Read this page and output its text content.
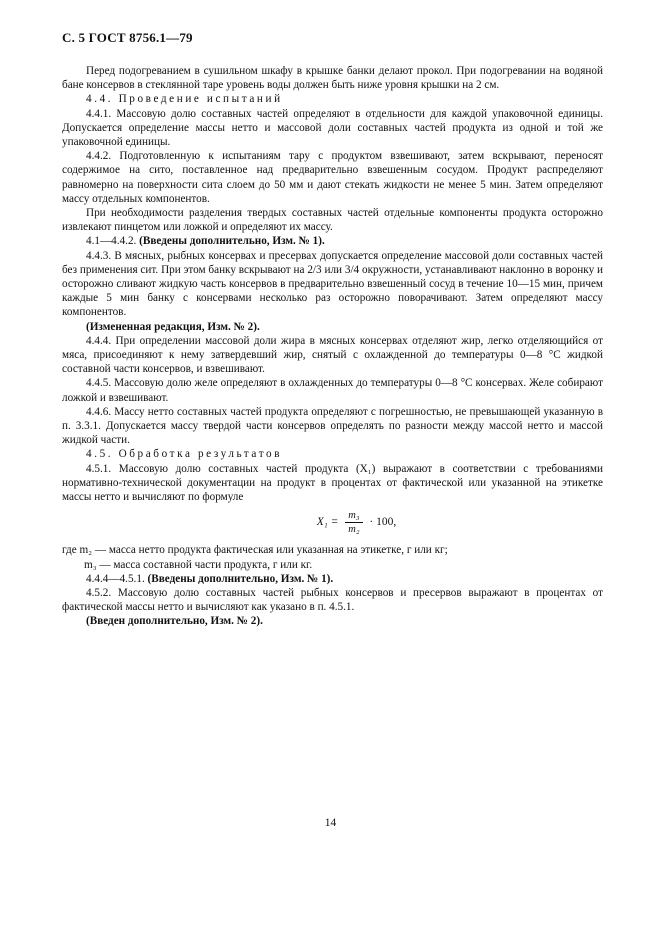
С. 5 ГОСТ 8756.1—79

Перед подогреванием в сушильном шкафу в крышке банки делают прокол. При подогревании на водяной бане консервов в стеклянной таре уровень воды должен быть ниже уровня крышки на 2 см.

4.4. Проведение испытаний

4.4.1. Массовую долю составных частей определяют в отдельности для каждой упаковочной единицы. Допускается определение массы нетто и массовой доли составных частей продукта из одной и той же упаковочной единицы.

4.4.2. Подготовленную к испытаниям тару с продуктом взвешивают, затем вскрывают, переносят содержимое на сито, поставленное над предварительно взвешенным сосудом. Продукт распределяют равномерно на поверхности сита слоем до 50 мм и дают стекать жидкости не менее 5 мин. Затем определяют массу отдельных компонентов.

При необходимости разделения твердых составных частей отдельные компоненты продукта осторожно извлекают пинцетом или ложкой и определяют их массу.

4.1—4.4.2. (Введены дополнительно, Изм. № 1).

4.4.3. В мясных, рыбных консервах и пресервах допускается определение массовой доли составных частей без применения сит. При этом банку вскрывают на 2/3 или 3/4 окружности, устанавливают наклонно в воронку и осторожно сливают жидкую часть консервов в предварительно взвешенный сосуд в течение 10—15 мин, причем каждые 5 мин банку с консервами несколько раз осторожно поворачивают. Затем определяют массу компонентов.

(Измененная редакция, Изм. № 2).

4.4.4. При определении массовой доли жира в мясных консервах отделяют жир, легко отделяющийся от мяса, присоединяют к нему затвердевший жир, снятый с охлажденной до температуры 0—8 °С жидкой составной части консервов, и взвешивают.

4.4.5. Массовую долю желе определяют в охлажденных до температуры 0—8 °С консервах. Желе собирают ложкой и взвешивают.

4.4.6. Массу нетто составных частей продукта определяют с погрешностью, не превышающей указанную в п. 3.3.1. Допускается массу твердой части консервов определять по разности между массой нетто и массой жидкой части.

4.5. Обработка результатов

4.5.1. Массовую долю составных частей продукта (X₁) выражают в соответствии с требованиями нормативно-технической документации на продукт в процентах от фактической или указанной на этикетке массы нетто и вычисляют по формуле

$X_1 = \frac{\text{m₃}}{\text{m₂}} \cdot 100$,

где m₂ — масса нетто продукта фактическая или указанная на этикетке, г или кг;

m₃ — масса составной части продукта, г или кг.

4.4.4—4.5.1. (Введены дополнительно, Изм. № 1).

4.5.2. Массовую долю составных частей рыбных консервов и пресервов выражают в процентах от фактической массы нетто и вычисляют как указано в п. 4.5.1.

(Введен дополнительно, Изм. № 2).

14
